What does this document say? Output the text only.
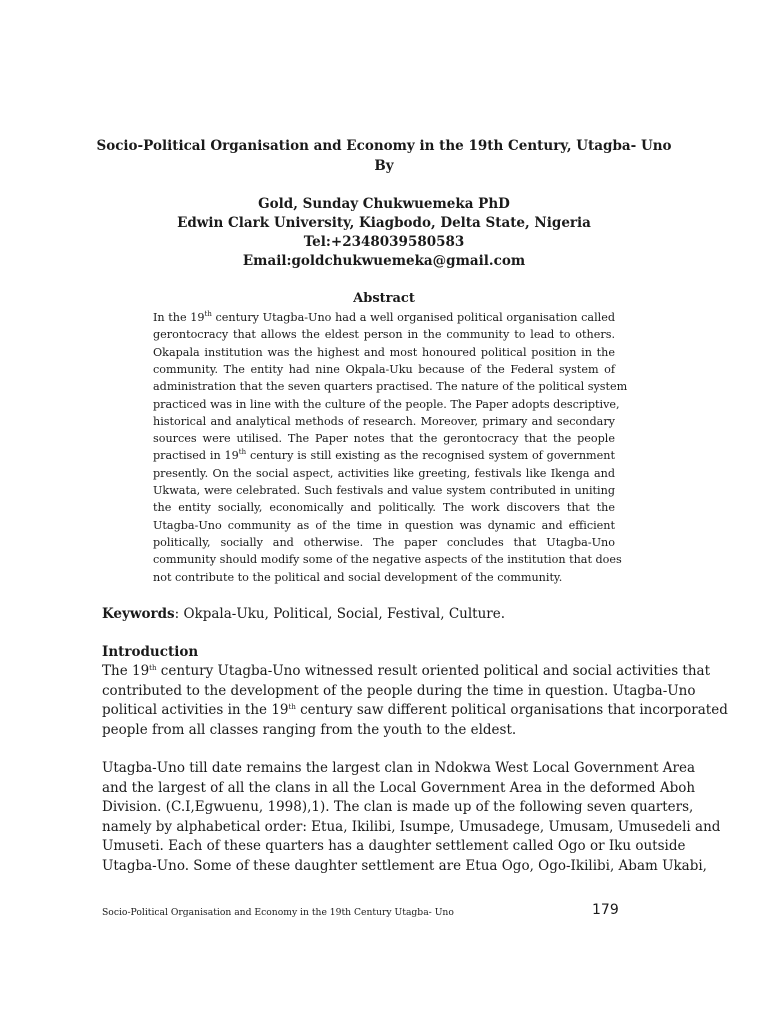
Socio-Political Organisation and Economy in the 19th Century, Utagba- Uno
By
Gold, Sunday Chukwuemeka PhD
Edwin Clark University, Kiagbodo, Delta State, Nigeria
Tel:+2348039580583
Email:goldchukwuemeka@gmail.com
Abstract
In the 19th century Utagba-Uno had a well organised political organisation called
gerontocracy that allows the eldest person in the community to lead to others.
Okapala institution was the highest and most honoured political position in the
community. The entity had nine Okpala-Uku because of the Federal system of
administration that the seven quarters practised. The nature of the political system
practiced was in line with the culture of the people. The Paper adopts descriptive,
historical and analytical methods of research. Moreover, primary and secondary
sources were utilised. The Paper notes that the gerontocracy that the people
practised in 19th century is still existing as the recognised system of government
presently. On the social aspect, activities like greeting, festivals like Ikenga and
Ukwata, were celebrated. Such festivals and value system contributed in uniting
the entity socially, economically and politically. The work discovers that the
Utagba-Uno community as of the time in question was dynamic and efficient
politically, socially and otherwise. The paper concludes that Utagba-Uno
community should modify some of the negative aspects of the institution that does
not contribute to the political and social development of the community.
Keywords: Okpala-Uku, Political, Social, Festival, Culture.
Introduction
The 19th century Utagba-Uno witnessed result oriented political and social activities that
contributed to the development of the people during the time in question. Utagba-Uno
political activities in the 19th century saw different political organisations that incorporated
people from all classes ranging from the youth to the eldest.
Utagba-Uno till date remains the largest clan in Ndokwa West Local Government Area
and the largest of all the clans in all the Local Government Area in the deformed Aboh
Division. (C.I,Egwuenu, 1998),1). The clan is made up of the following seven quarters,
namely by alphabetical order: Etua, Ikilibi, Isumpe, Umusadege, Umusam, Umusedeli and
Umuseti. Each of these quarters has a daughter settlement called Ogo or Iku outside
Utagba-Uno. Some of these daughter settlement are Etua Ogo, Ogo-Ikilibi, Abam Ukabi,
Socio-Political Organisation and Economy in the 19th Century Utagba- Uno	179
